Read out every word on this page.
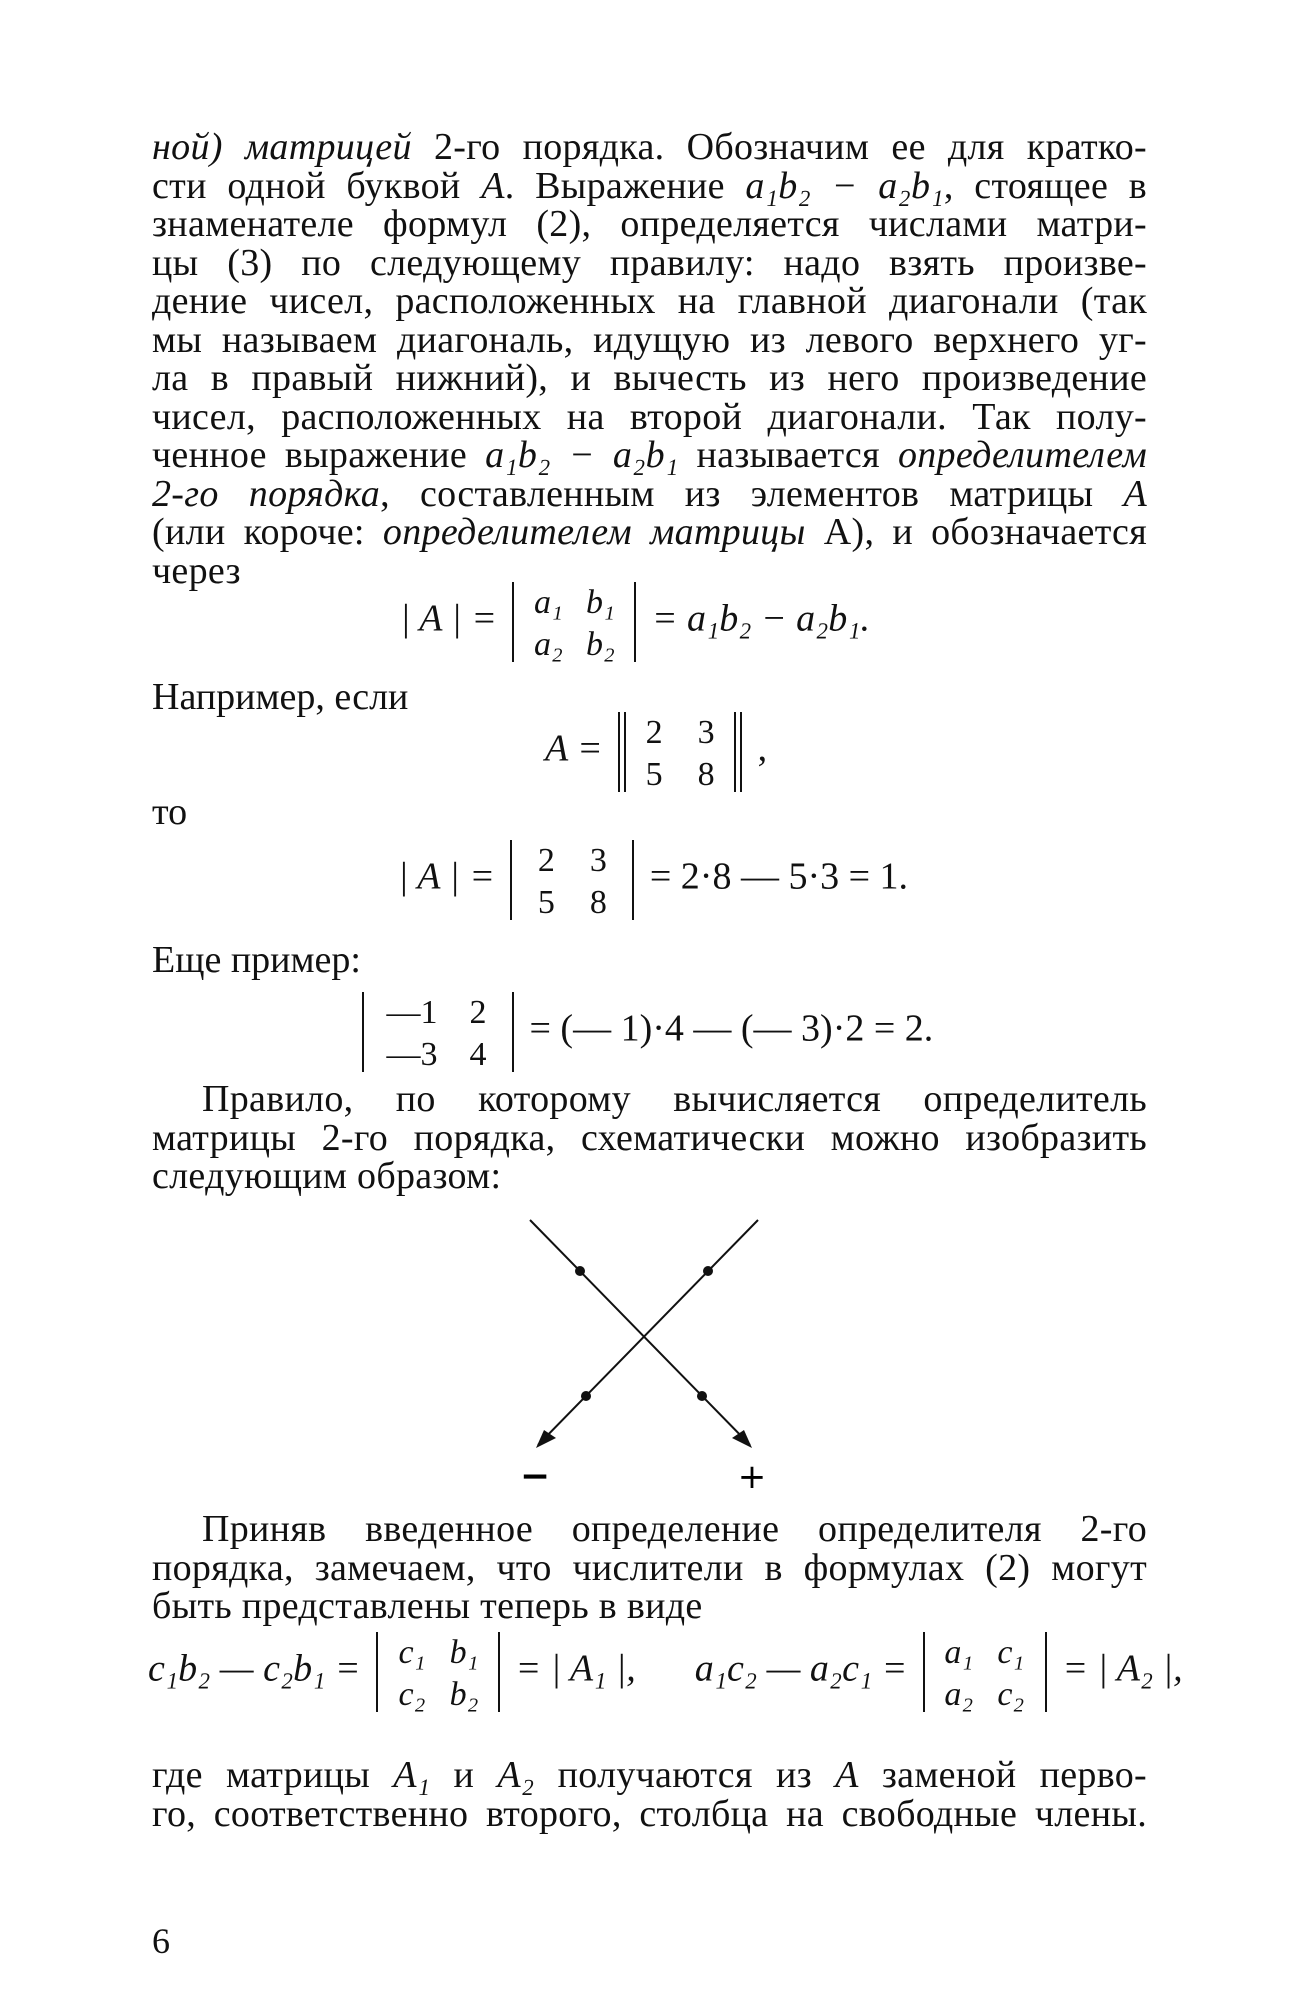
ной) матрицей 2-го порядка. Обозначим ее для кратко-
сти одной буквой A. Выражение a₁b₂ − a₂b₁, стоящее в
знаменателе формул (2), определяется числами матри-
цы (3) по следующему правилу: надо взять произве-
дение чисел, расположенных на главной диагонали (так
мы называем диагональ, идущую из левого верхнего уг-
ла в правый нижний), и вычесть из него произведение
чисел, расположенных на второй диагонали. Так полу-
ченное выражение a₁b₂ − a₂b₁ называется определителем
2-го порядка, составленным из элементов матрицы A
(или короче: определителем матрицы A), и обозначается
через
| A | =	a₁ b₁
a₂ b₂
= a₁b₂ − a₂b₁.
Например, если
A =	2 3
5 8
,
то
| A | =	2 3
5 8
= 2·8 — 5·3 = 1.
Еще пример:
—1 2
—3 4
= (— 1)·4 — (— 3)·2 = 2.
Правило, по которому вычисляется определитель
матрицы 2-го порядка, схематически можно изобразить
следующим образом:
−	+
Приняв введенное определение определителя 2-го
порядка, замечаем, что числители в формулах (2) могут
быть представлены теперь в виде
c₁b₂ — c₂b₁ =	c₁ b₁
c₂ b₂
= | A₁ |, a₁c₂ — a₂c₁ =	a₁ c₁
a₂ c₂
= | A₂ |,
где матрицы A₁ и A₂ получаются из A заменой перво-
го, соответственно второго, столбца на свободные члены.
6
